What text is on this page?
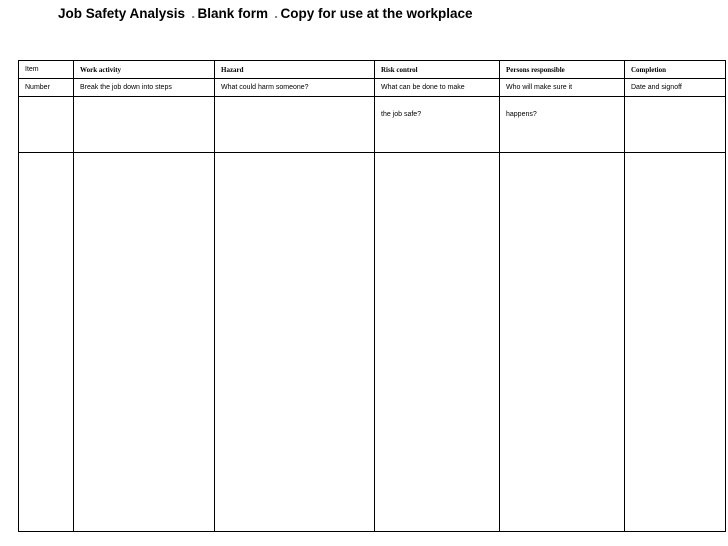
Job Safety Analysis - Blank form - Copy for use at the workplace
Item	Work activity	Hazard	Risk control	Persons responsible	Completion
Number	Break the job down into steps	What could harm someone?	What can be done to make	Who will make sure it	Date and signoff
			the job safe?	happens?	
